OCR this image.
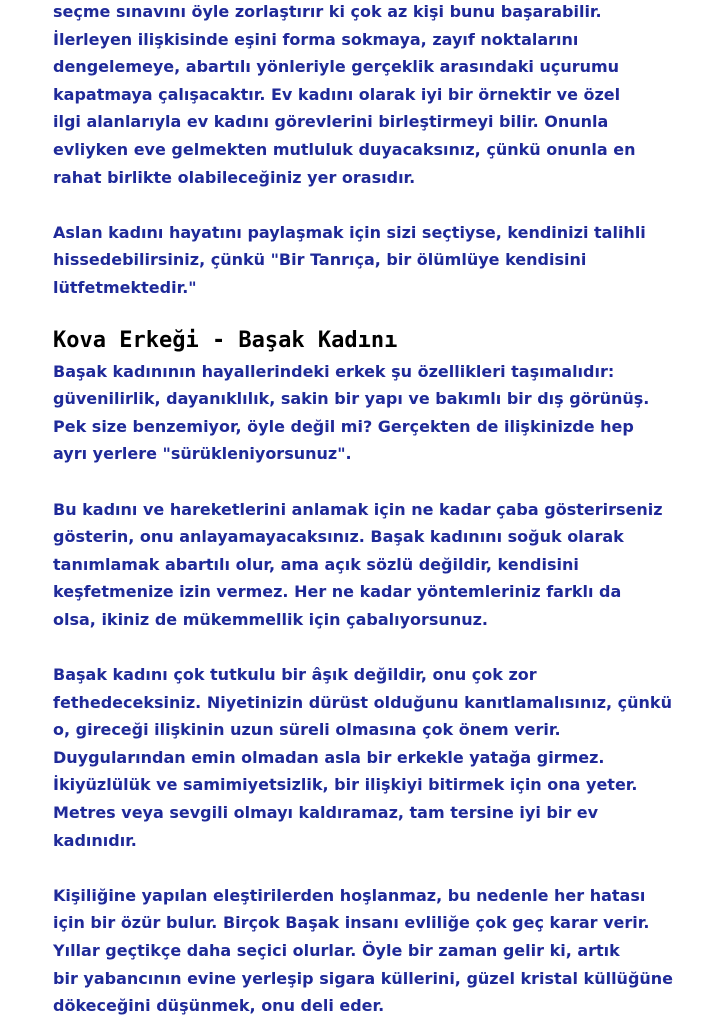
seçme sınavını öyle zorlaştırır ki çok az kişi bunu başarabilir.
İlerleyen ilişkisinde eşini forma sokmaya, zayıf noktalarını
dengelemeye, abartılı yönleriyle gerçeklik arasındaki uçurumu
kapatmaya çalışacaktır. Ev kadını olarak iyi bir örnektir ve özel
ilgi alanlarıyla ev kadını görevlerini birleştirmeyi bilir. Onunla
evliyken eve gelmekten mutluluk duyacaksınız, çünkü onunla en
rahat birlikte olabileceğiniz yer orasıdır.
Aslan kadını hayatını paylaşmak için sizi seçtiyse, kendinizi talihli
hissedebilirsiniz, çünkü "Bir Tanrıça, bir ölümlüye kendisini
lütfetmektedir."
Kova Erkeği - Başak Kadını
Başak kadınının hayallerindeki erkek şu özellikleri taşımalıdır:
güvenilirlik, dayanıklılık, sakin bir yapı ve bakımlı bir dış görünüş.
Pek size benzemiyor, öyle değil mi? Gerçekten de ilişkinizde hep
ayrı yerlere "sürükleniyorsunuz".
Bu kadını ve hareketlerini anlamak için ne kadar çaba gösterirseniz
gösterin, onu anlayamayacaksınız. Başak kadınını soğuk olarak
tanımlamak abartılı olur, ama açık sözlü değildir, kendisini
keşfetmenize izin vermez. Her ne kadar yöntemleriniz farklı da
olsa, ikiniz de mükemmellik için çabalıyorsunuz.
Başak kadını çok tutkulu bir âşık değildir, onu çok zor
fethedeceksiniz. Niyetinizin dürüst olduğunu kanıtlamalısınız, çünkü
o, gireceği ilişkinin uzun süreli olmasına çok önem verir.
Duygularından emin olmadan asla bir erkekle yatağa girmez.
İkiyüzlülük ve samimiyetsizlik, bir ilişkiyi bitirmek için ona yeter.
Metres veya sevgili olmayı kaldıramaz, tam tersine iyi bir ev
kadınıdır.
Kişiliğine yapılan eleştirilerden hoşlanmaz, bu nedenle her hatası
için bir özür bulur. Birçok Başak insanı evliliğe çok geç karar verir.
Yıllar geçtikçe daha seçici olurlar. Öyle bir zaman gelir ki, artık
bir yabancının evine yerleşip sigara küllerini, güzel kristal küllüğüne
dökeceğini düşünmek, onu deli eder.
